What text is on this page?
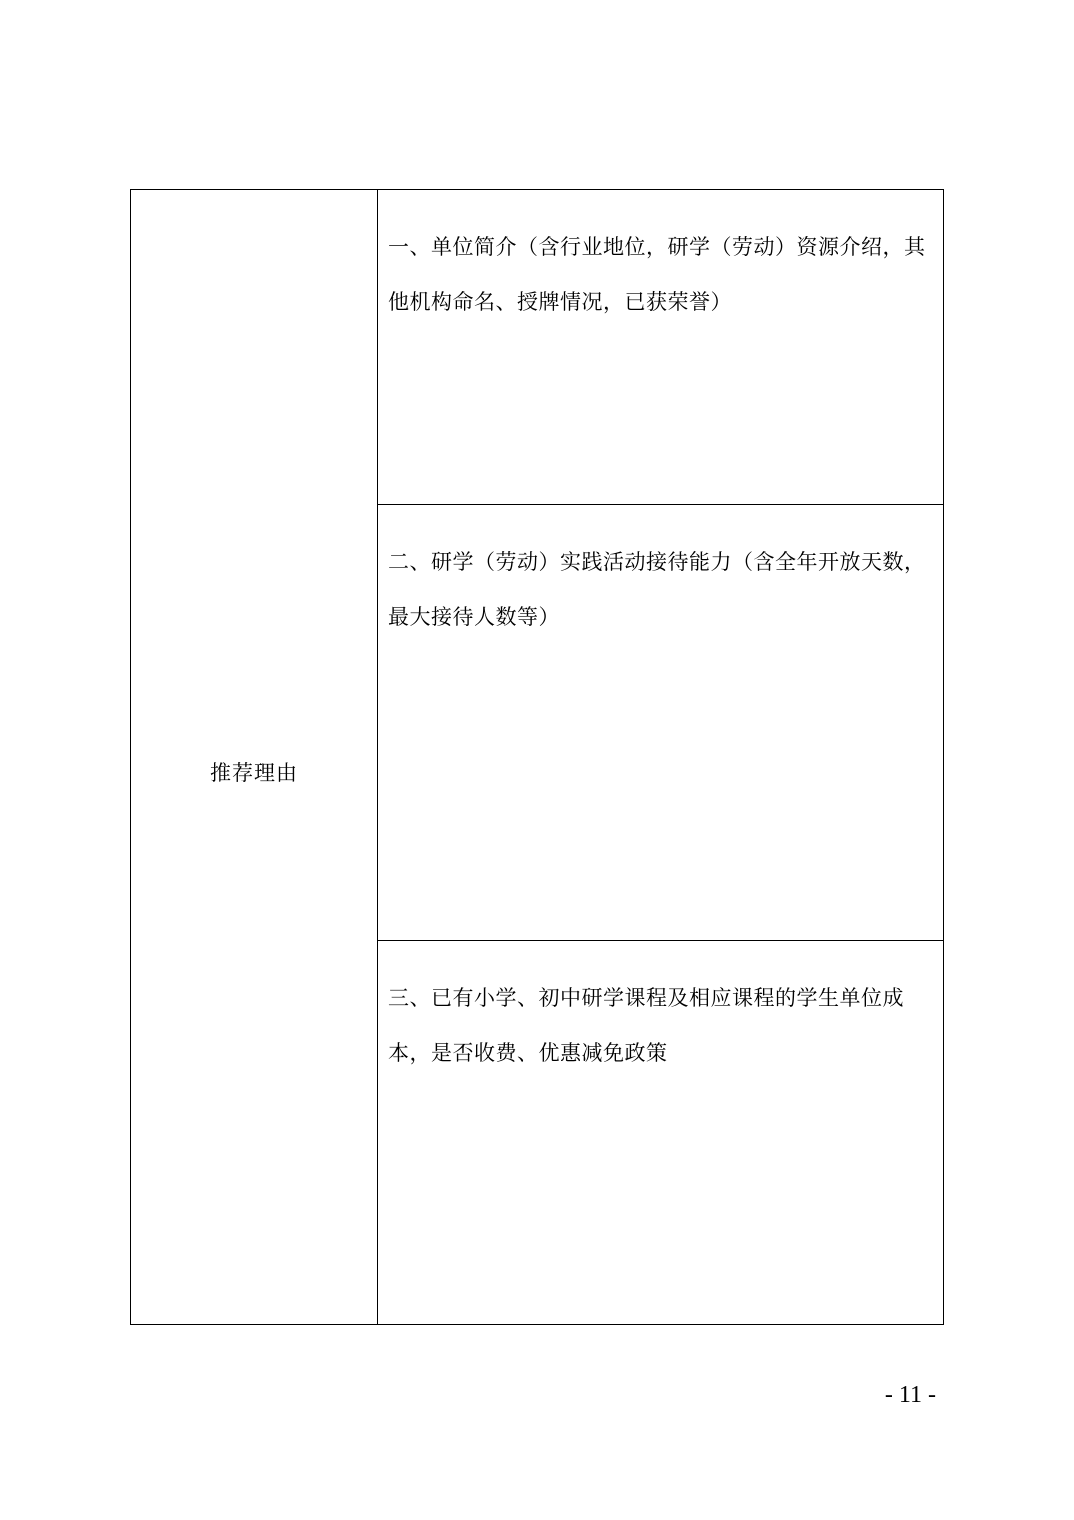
推荐理由

一、单位简介（含行业地位，研学（劳动）资源介绍，其他机构命名、授牌情况，已获荣誉）

二、研学（劳动）实践活动接待能力（含全年开放天数，最大接待人数等）

三、已有小学、初中研学课程及相应课程的学生单位成本，是否收费、优惠减免政策

- 11 -
